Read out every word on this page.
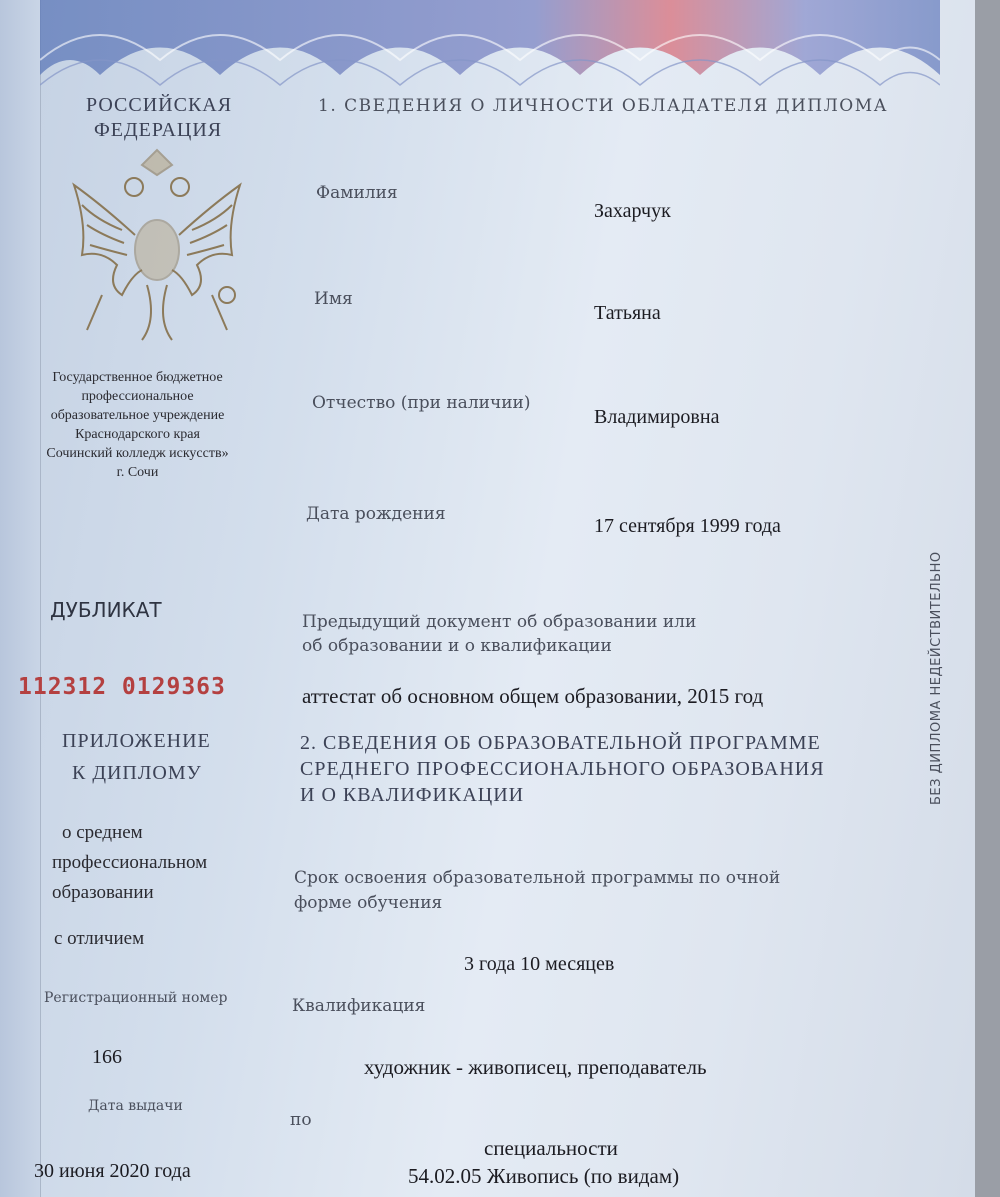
РОССИЙСКАЯ
ФЕДЕРАЦИЯ
Государственное бюджетное
профессиональное
образовательное учреждение
Краснодарского края
Сочинский колледж искусств»
г. Сочи
ДУБЛИКАТ
112312 0129363
ПРИЛОЖЕНИЕ
К ДИПЛОМУ
о среднем
профессиональном
образовании
с отличием
Регистрационный номер
166
Дата выдачи
30 июня 2020 года
1. СВЕДЕНИЯ О ЛИЧНОСТИ ОБЛАДАТЕЛЯ ДИПЛОМА
Фамилия
Захарчук
Имя
Татьяна
Отчество (при наличии)
Владимировна
Дата рождения
17 сентября 1999 года
Предыдущий документ об образовании или
об образовании и о квалификации
аттестат об основном общем образовании, 2015 год
2. СВЕДЕНИЯ ОБ ОБРАЗОВАТЕЛЬНОЙ ПРОГРАММЕ
СРЕДНЕГО ПРОФЕССИОНАЛЬНОГО ОБРАЗОВАНИЯ
И О КВАЛИФИКАЦИИ
Срок освоения образовательной программы по очной
форме обучения
3 года 10 месяцев
Квалификация
художник - живописец, преподаватель
по
специальности
54.02.05 Живопись (по видам)
БЕЗ ДИПЛОМА НЕДЕЙСТВИТЕЛЬНО
